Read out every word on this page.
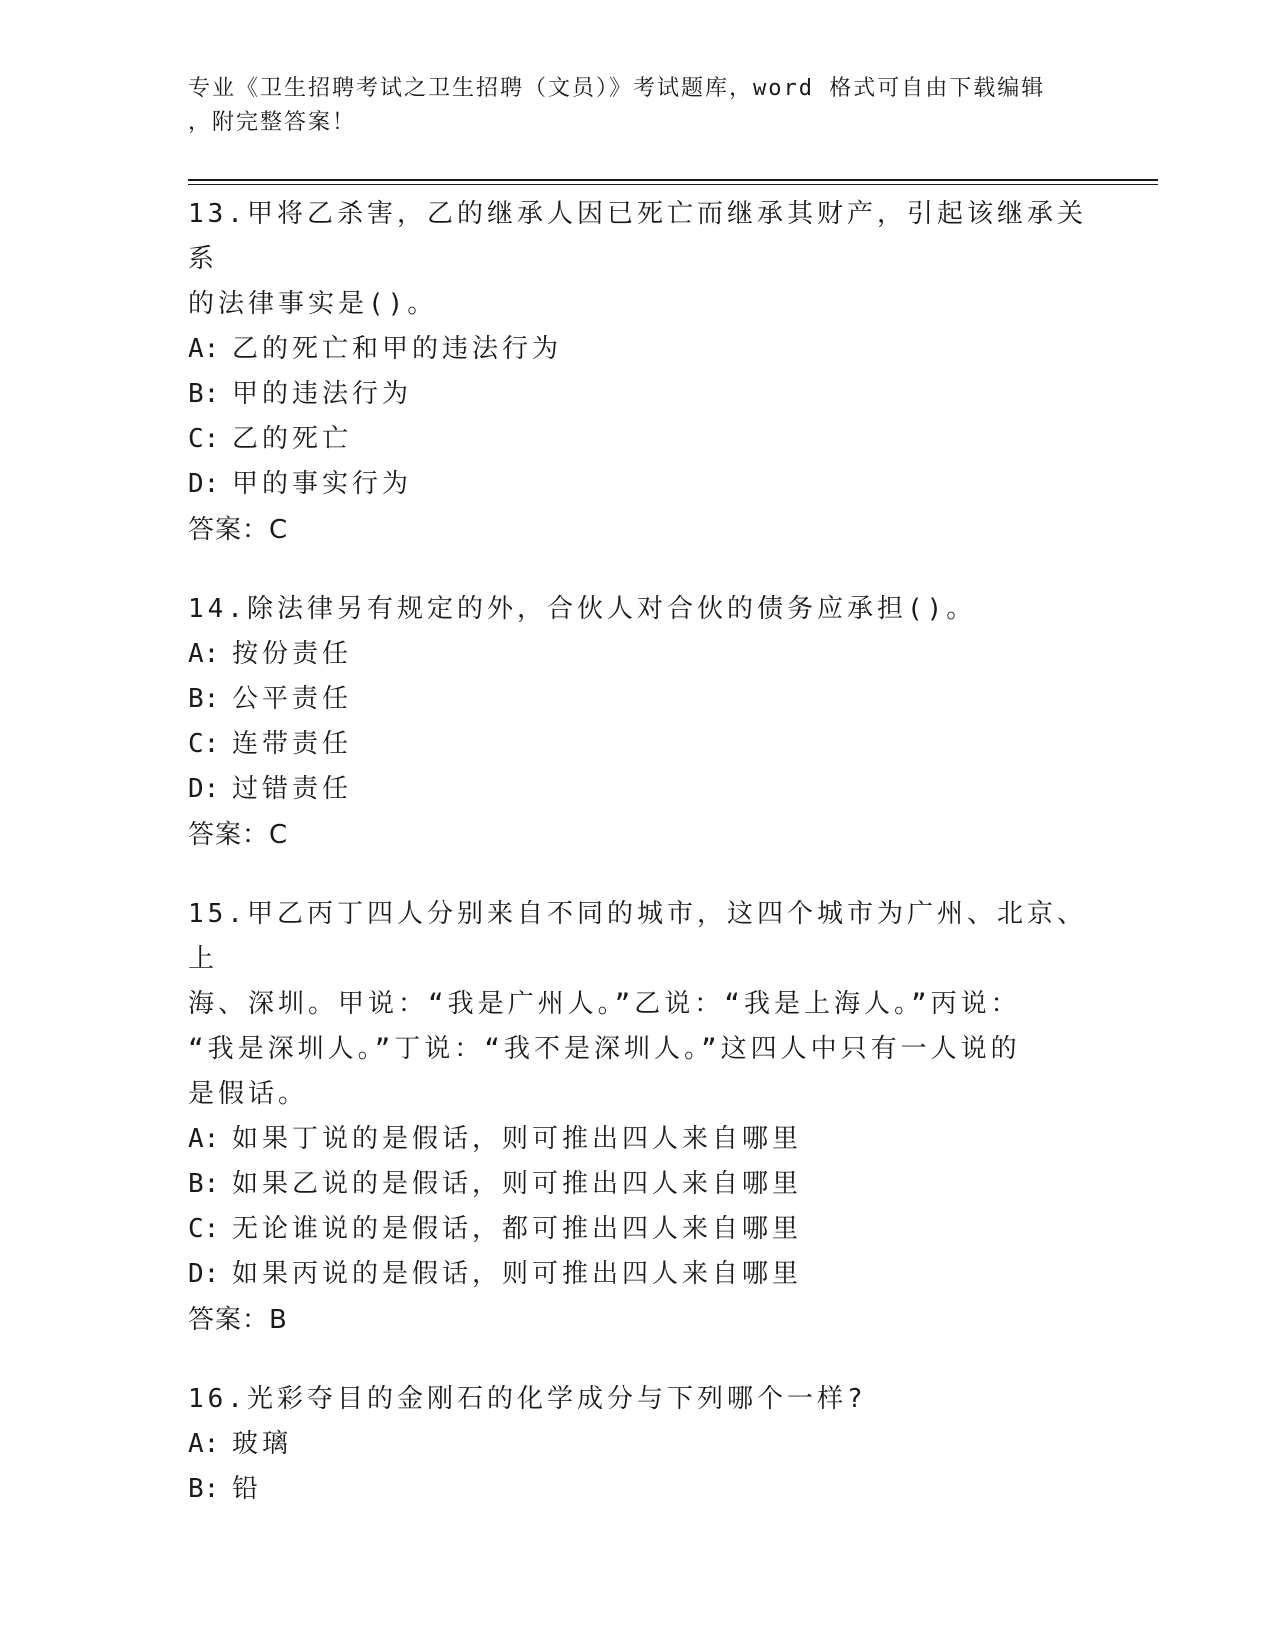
专业《卫生招聘考试之卫生招聘（文员）》考试题库，word 格式可自由下载编辑
，附完整答案！

13.甲将乙杀害，乙的继承人因已死亡而继承其财产，引起该继承关系

的法律事实是()。

A: 乙的死亡和甲的违法行为

B: 甲的违法行为

C: 乙的死亡

D: 甲的事实行为

答案：C

14.除法律另有规定的外，合伙人对合伙的债务应承担()。

A: 按份责任

B: 公平责任

C: 连带责任

D: 过错责任

答案：C

15.甲乙丙丁四人分别来自不同的城市，这四个城市为广州、北京、上

海、深圳。甲说：“我是广州人。”乙说：“我是上海人。”丙说：

“我是深圳人。”丁说：“我不是深圳人。”这四人中只有一人说的

是假话。

A: 如果丁说的是假话，则可推出四人来自哪里

B: 如果乙说的是假话，则可推出四人来自哪里

C: 无论谁说的是假话，都可推出四人来自哪里

D: 如果丙说的是假话，则可推出四人来自哪里

答案：B

16.光彩夺目的金刚石的化学成分与下列哪个一样?

A: 玻璃

B: 铅
